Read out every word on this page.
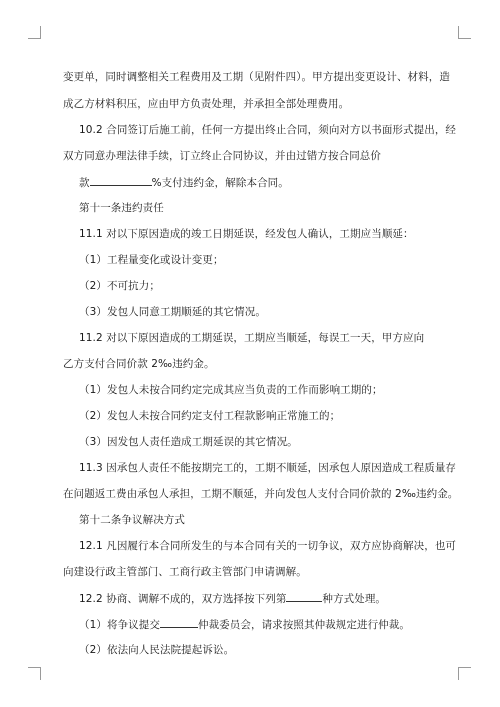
变更单，同时调整相关工程费用及工期（见附件四）。甲方提出变更设计、材料，造
成乙方材料积压，应由甲方负责处理，并承担全部处理费用。
10.2 合同签订后施工前，任何一方提出终止合同，须向对方以书面形式提出，经
双方同意办理法律手续，订立终止合同协议，并由过错方按合同总价
款	%支付违约金，解除本合同。
第十一条违约责任
11.1 对以下原因造成的竣工日期延误，经发包人确认，工期应当顺延：
（1）工程量变化或设计变更；
（2）不可抗力；
（3）发包人同意工期顺延的其它情况。
11.2 对以下原因造成的工期延误，工期应当顺延，每误工一天，甲方应向
乙方支付合同价款 2‰违约金。
（1）发包人未按合同约定完成其应当负责的工作而影响工期的；
（2）发包人未按合同约定支付工程款影响正常施工的；
（3）因发包人责任造成工期延误的其它情况。
11.3 因承包人责任不能按期完工的，工期不顺延，因承包人原因造成工程质量存
在问题返工费由承包人承担，工期不顺延，并向发包人支付合同价款的 2‰违约金。
第十二条争议解决方式
12.1 凡因履行本合同所发生的与本合同有关的一切争议，双方应协商解决，也可
向建设行政主管部门、工商行政主管部门申请调解。
12.2 协商、调解不成的，双方选择按下列第	种方式处理。
（1）将争议提交	仲裁委员会，请求按照其仲裁规定进行仲裁。
（2）依法向人民法院提起诉讼。
